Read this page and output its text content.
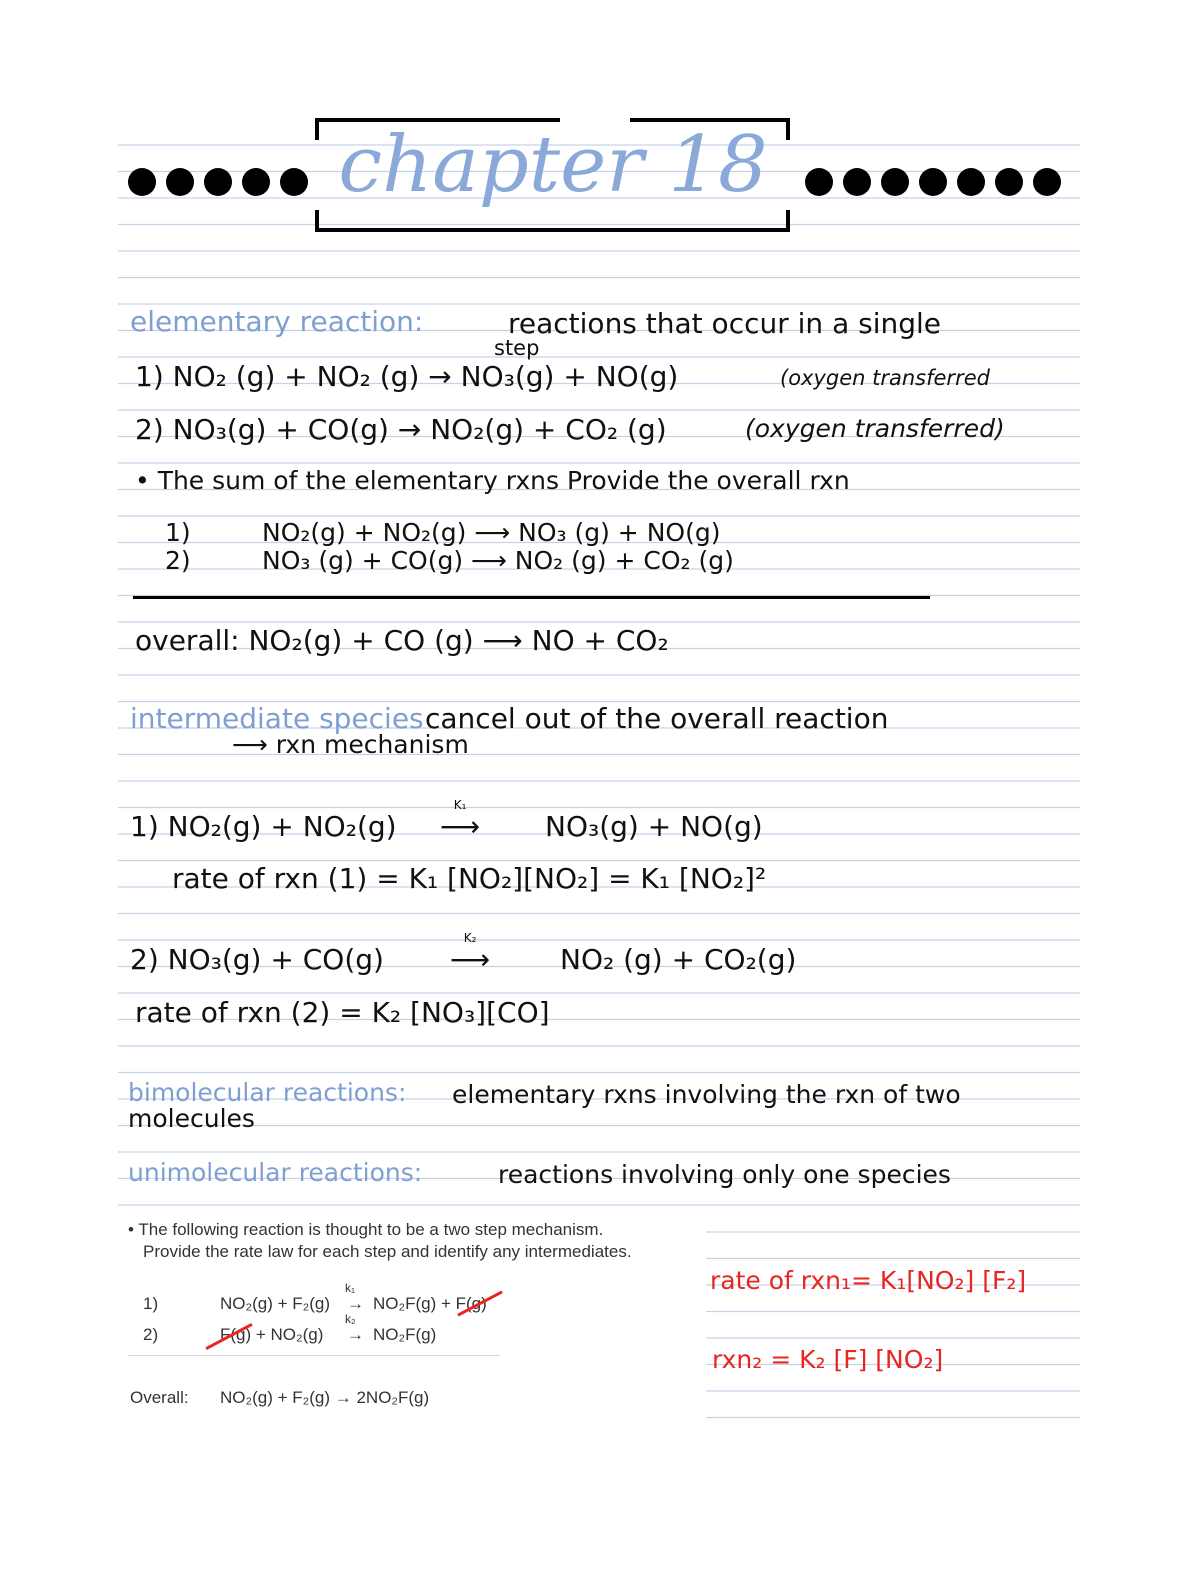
chapter 18
elementary reaction:	reactions that occur in a single
step
1) NO₂ (g) + NO₂ (g) → NO₃(g) + NO(g)	(oxygen transferred
2) NO₃(g) + CO(g) → NO₂(g) + CO₂ (g)	(oxygen transferred)
• The sum of the elementary rxns Provide the overall rxn
1)	NO₂(g) + NO₂(g) ⟶ NO₃ (g) + NO(g)
2)	NO₃ (g) + CO(g) ⟶ NO₂ (g) + CO₂ (g)
overall: NO₂(g) + CO (g) ⟶ NO + CO₂
intermediate species cancel out of the overall reaction
⟶ rxn mechanism
1) NO₂(g) + NO₂(g) ⟶
K₁
NO₃(g) + NO(g)
rate of rxn (1) = K₁ [NO₂][NO₂] = K₁ [NO₂]²
2) NO₃(g) + CO(g) ⟶
K₂
NO₂ (g) + CO₂(g)
rate of rxn (2) = K₂ [NO₃][CO]
bimolecular reactions: elementary rxns involving the rxn of two
molecules
unimolecular reactions:	reactions involving only one species
• The following reaction is thought to be a two step mechanism.
Provide the rate law for each step and identify any intermediates.
1)	NO₂(g) + F₂(g)
k₁
→ NO₂F(g) + F(g)
2)	F(g) + NO₂(g)
k₂
→ NO₂F(g)
Overall: NO₂(g) + F₂(g) → 2NO₂F(g)
rate of rxn₁= K₁[NO₂] [F₂]
rxn₂ = K₂ [F] [NO₂]
